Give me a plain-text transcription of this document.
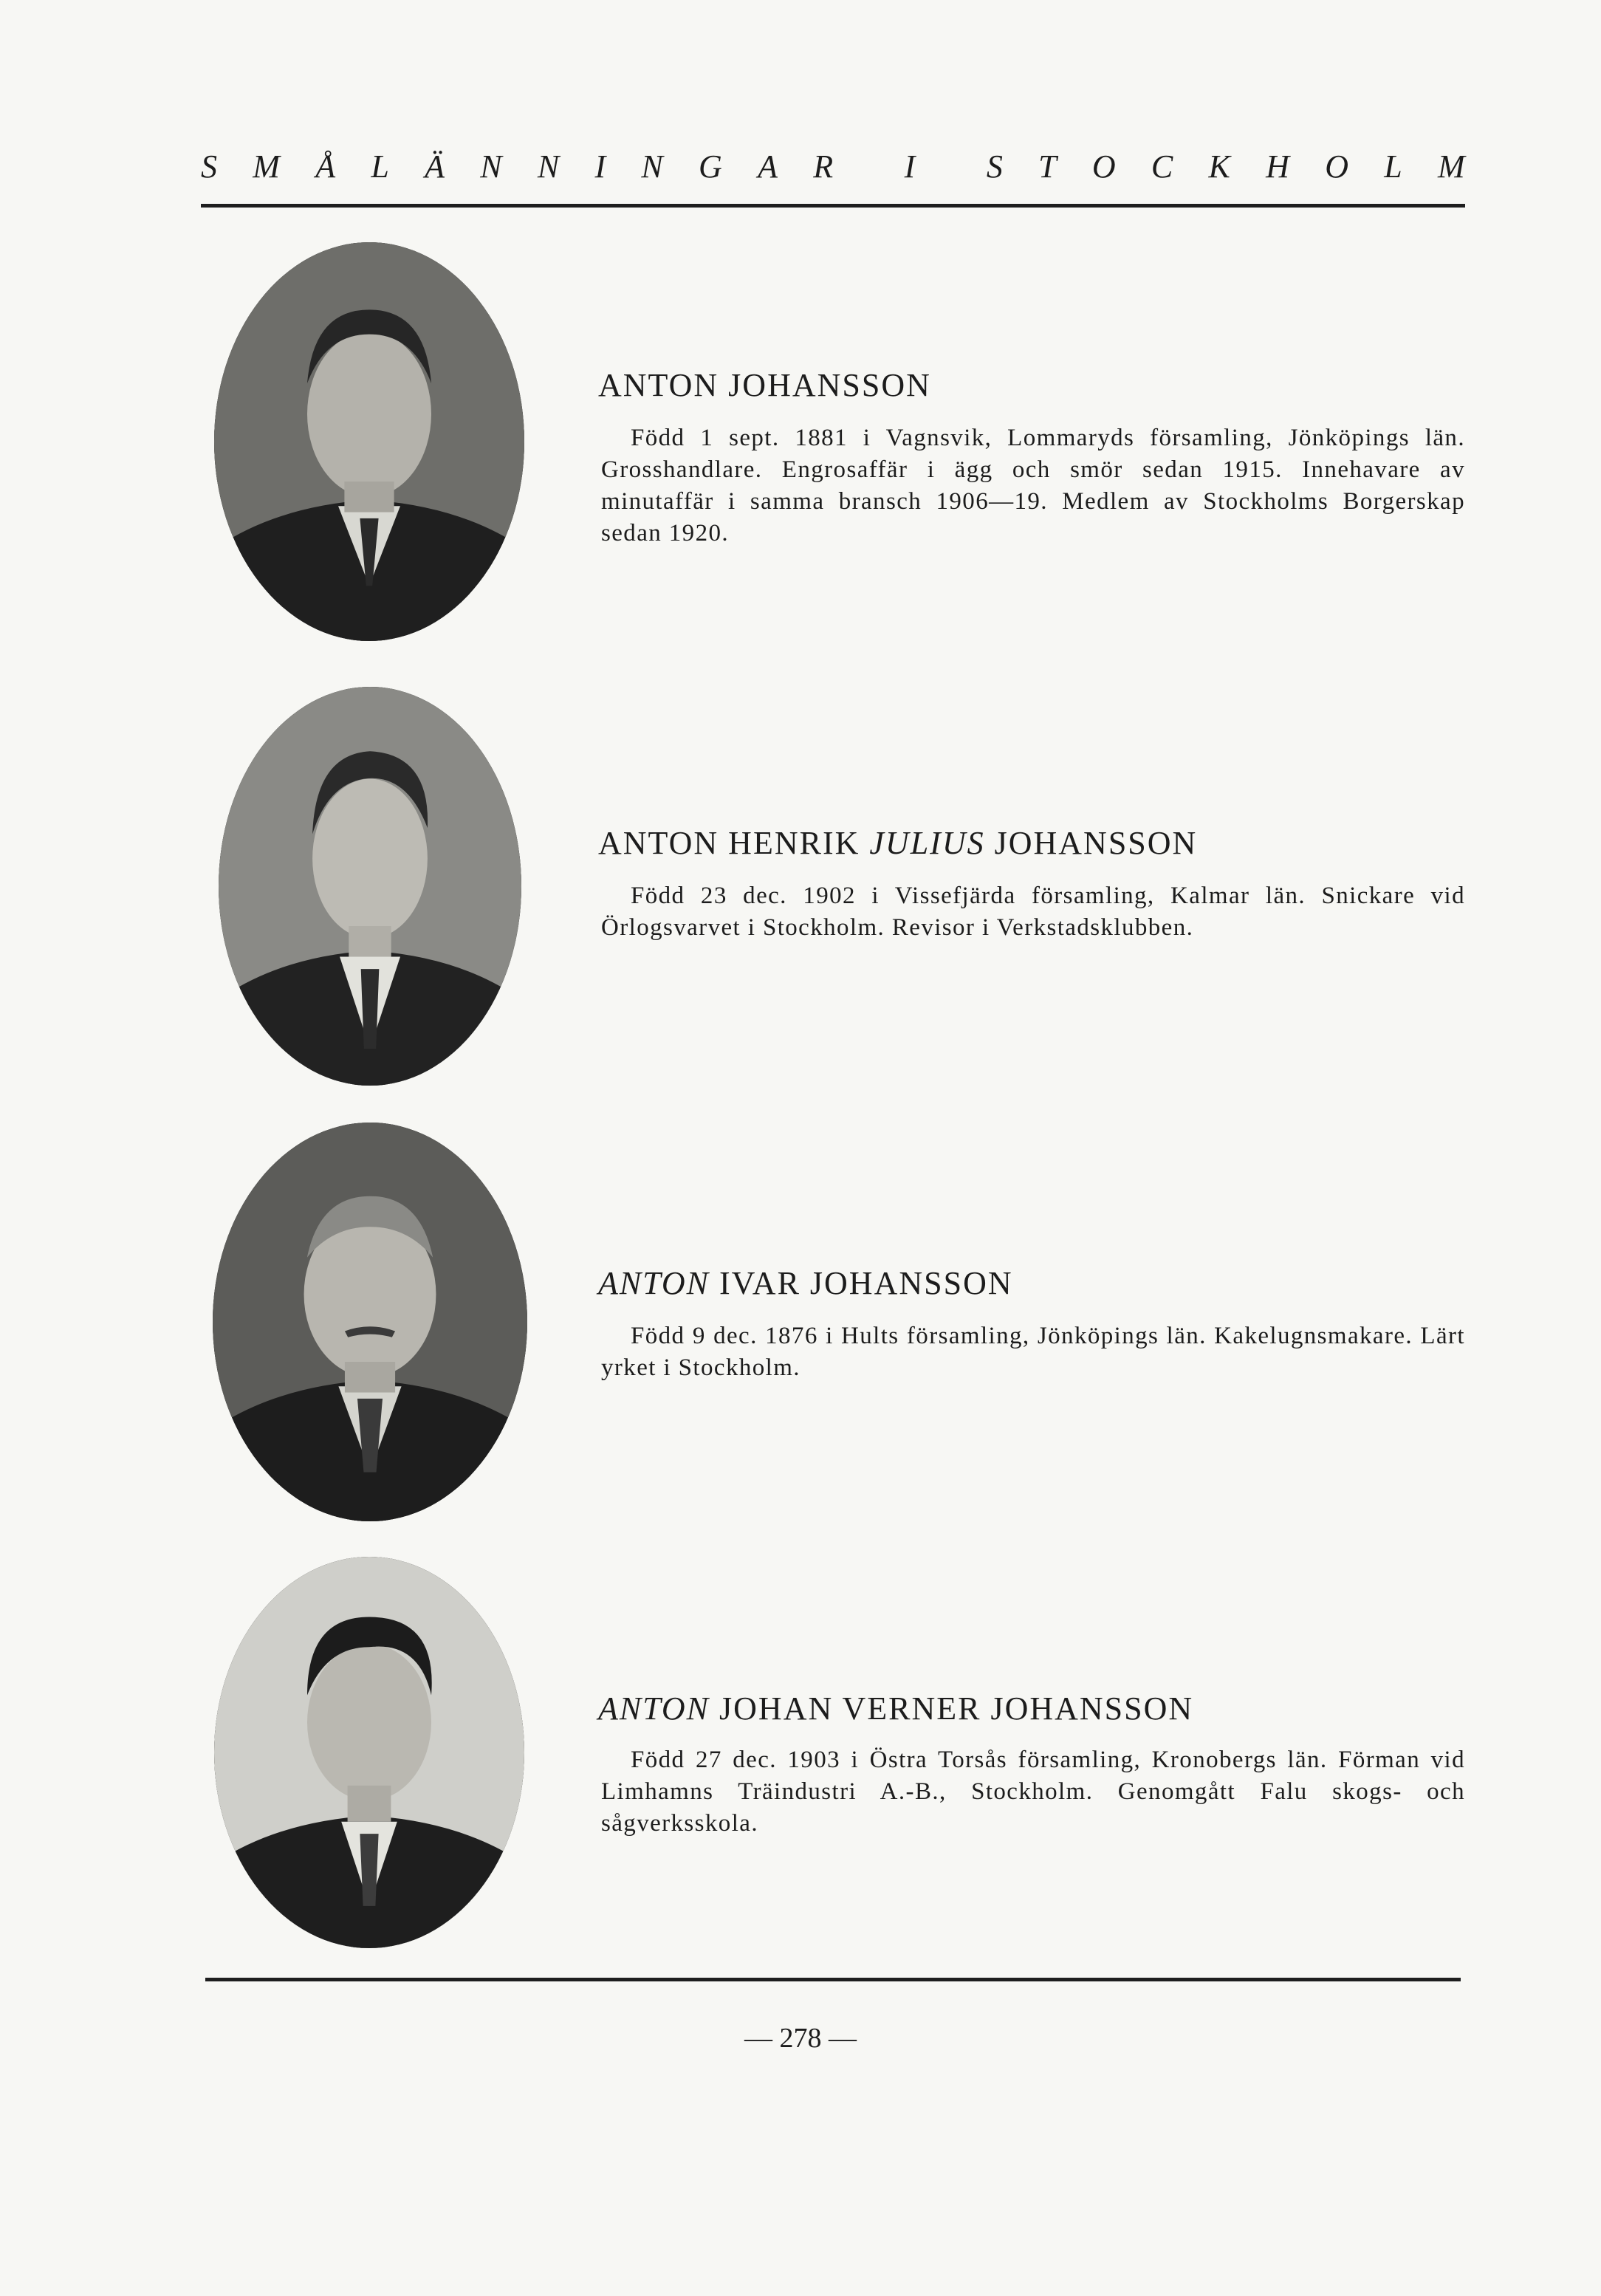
S M Å L Ä N N I N G A R I S T O C K H O L M
ANTON JOHANSSON

Född 1 sept. 1881 i Vagnsvik, Lommaryds församling, Jönköpings län. Grosshandlare. Engrosaffär i ägg och smör sedan 1915. Innehavare av minutaffär i samma bransch 1906—19. Medlem av Stockholms Borgerskap sedan 1920.

ANTON HENRIK JULIUS JOHANSSON

Född 23 dec. 1902 i Vissefjärda församling, Kalmar län. Snickare vid Örlogsvarvet i Stockholm. Revisor i Verkstadsklubben.

ANTON IVAR JOHANSSON

Född 9 dec. 1876 i Hults församling, Jönköpings län. Kakelugnsmakare. Lärt yrket i Stockholm.

ANTON JOHAN VERNER JOHANSSON

Född 27 dec. 1903 i Östra Torsås församling, Kronobergs län. Förman vid Limhamns Träindustri A.-B., Stockholm. Genomgått Falu skogs- och sågverksskola.

— 278 —
